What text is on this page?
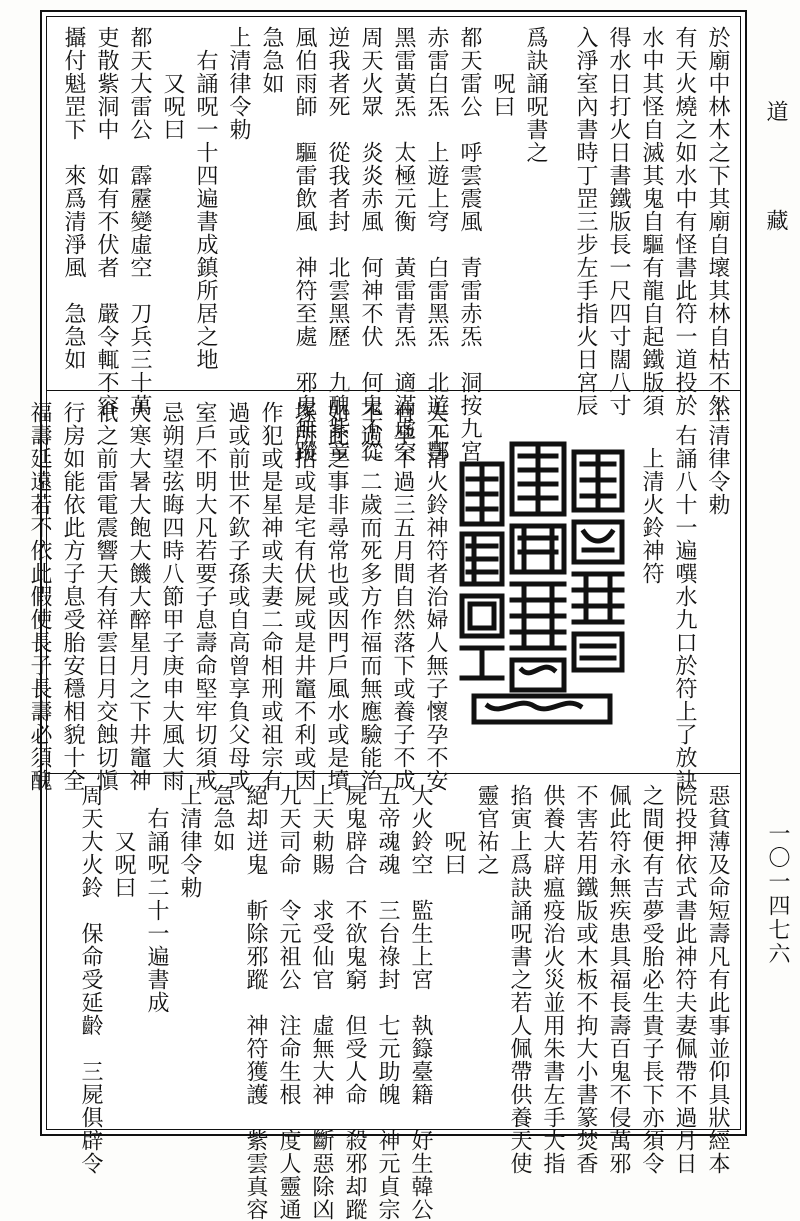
於廟中林木之下其廟自壞其林自枯不然
有天火燒之如水中有怪書此符一道投於
水中其怪自滅其鬼自驅有龍自起鐵版須
得水日打火日書鐵版長一尺四寸闊八寸
入淨室內書時丁罡三步左手指火日宮辰
爲訣誦呪書之
　　呪曰
都天雷公　呼雲震風　青雷赤炁　洞按九宮
赤雷白炁　上遊上穹　白雷黑炁　北遊元酆
黑雷黃炁　太極元衡　黃雷青炁　適滿虛空
周天火眾　炎炎赤風　何神不伏　何鬼不從
逆我者死　從我者封　北雲黑歷　九醜紫童
風伯雨師　驅雷飲風　神符至處　邪鬼無蹤
急急如
上清律令勅
　右誦呪一十四遍書成鎮所居之地
　　又呪曰
都天大雷公　霹靂變虛空　刀兵三十萬
吏散紫洞中　如有不伏者　嚴令輒不容
攝付魁罡下　來爲清淨風　急急如
上清律令勅
　右誦八十一遍噀水九口於符上了放訣
　　上清火鈴神符
夫上清火鈴神符者治婦人無子懷孕不安
有孕不過三五月間自然落下或養子不成
不過一二歲而死多方作福而無應驗能治
如此之事非尋常也或因門戶風水或是墳
塚所招或是宅有伏屍或是井竈不利或因
作犯或是星神或夫妻二命相刑或祖宗有
過或前世不欽子孫或自高曾享負父母或
室戶不明大凡若要子息壽命堅牢切須戒
忌朔望弦晦四時八節甲子庚申大風大雨
大寒大暑大飽大饑大醉星月之下井竈神
祇之前雷電震響天有祥雲日月交蝕切愼
行房如能依此方子息受胎安穩相貌十全
福壽延遠若不依此假使長子長壽必須醜
惡貧薄及命短壽凡有此事並仰具狀經本
院投押依式書此神符夫妻佩帶不過月日
之間便有吉夢受胎必生貴子長下亦須令
佩此符永無疾患具福長壽百鬼不侵萬邪
不害若用鐵版或木板不拘大小書篆焚香
供養大辟瘟疫治火災並用朱書左手大指
掐寅上爲訣誦呪書之若人佩帶供養天使
靈官祐之
　　呪曰
大火鈴空　監生上宮　執籙臺籍　好生韓公
五帝魂魂　三台祿封　七元助魄　神元貞宗
屍鬼辟合　不欲鬼窮　但受人命　殺邪却蹤
上天勅賜　求受仙官　虛無大神　斷惡除凶
九天司命　令元祖公　注命生根　度人靈通
絕却迸鬼　斬除邪蹤　神符獲護　紫雲真容
急急如
上清律令勅
　右誦呪二十一遍書成
　　又呪曰
周天大火鈴　保命受延齡　三屍俱辟令
道 藏
一〇一四七六
